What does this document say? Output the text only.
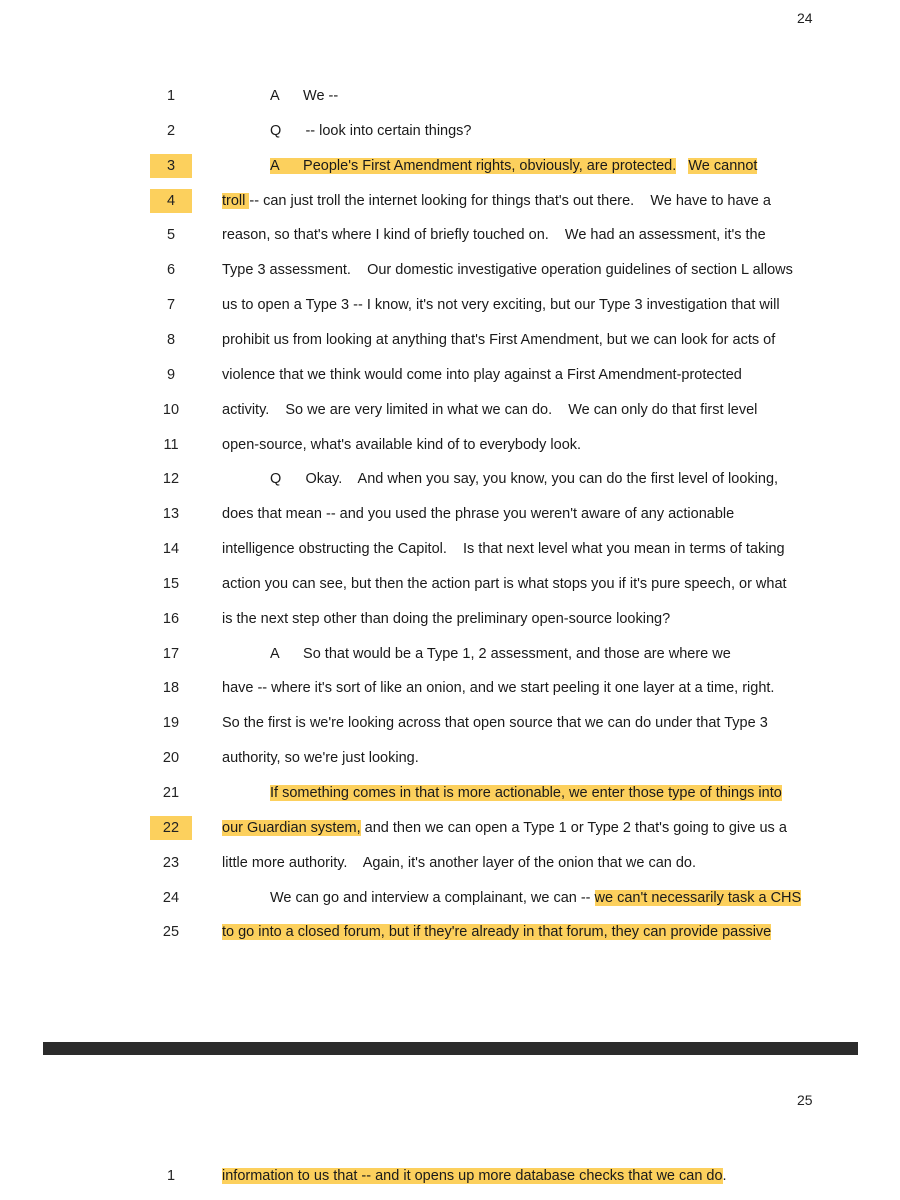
24
1	A      We --
2	Q      -- look into certain things?
3	A      People's First Amendment rights, obviously, are protected. We cannot
4	troll -- can just troll the internet looking for things that's out there.    We have to have a
5	reason, so that's where I kind of briefly touched on.    We had an assessment, it's the
6	Type 3 assessment.    Our domestic investigative operation guidelines of section L allows
7	us to open a Type 3 -- I know, it's not very exciting, but our Type 3 investigation that will
8	prohibit us from looking at anything that's First Amendment, but we can look for acts of
9	violence that we think would come into play against a First Amendment-protected
10	activity.    So we are very limited in what we can do.    We can only do that first level
11	open-source, what's available kind of to everybody look.
12	Q      Okay.    And when you say, you know, you can do the first level of looking,
13	does that mean -- and you used the phrase you weren't aware of any actionable
14	intelligence obstructing the Capitol.    Is that next level what you mean in terms of taking
15	action you can see, but then the action part is what stops you if it's pure speech, or what
16	is the next step other than doing the preliminary open-source looking?
17	A      So that would be a Type 1, 2 assessment, and those are where we
18	have -- where it's sort of like an onion, and we start peeling it one layer at a time, right.
19	So the first is we're looking across that open source that we can do under that Type 3
20	authority, so we're just looking.
21	If something comes in that is more actionable, we enter those type of things into
22	our Guardian system, and then we can open a Type 1 or Type 2 that's going to give us a
23	little more authority.    Again, it's another layer of the onion that we can do.
24	We can go and interview a complainant, we can -- we can't necessarily task a CHS
25	to go into a closed forum, but if they're already in that forum, they can provide passive
25
1	information to us that -- and it opens up more database checks that we can do.
